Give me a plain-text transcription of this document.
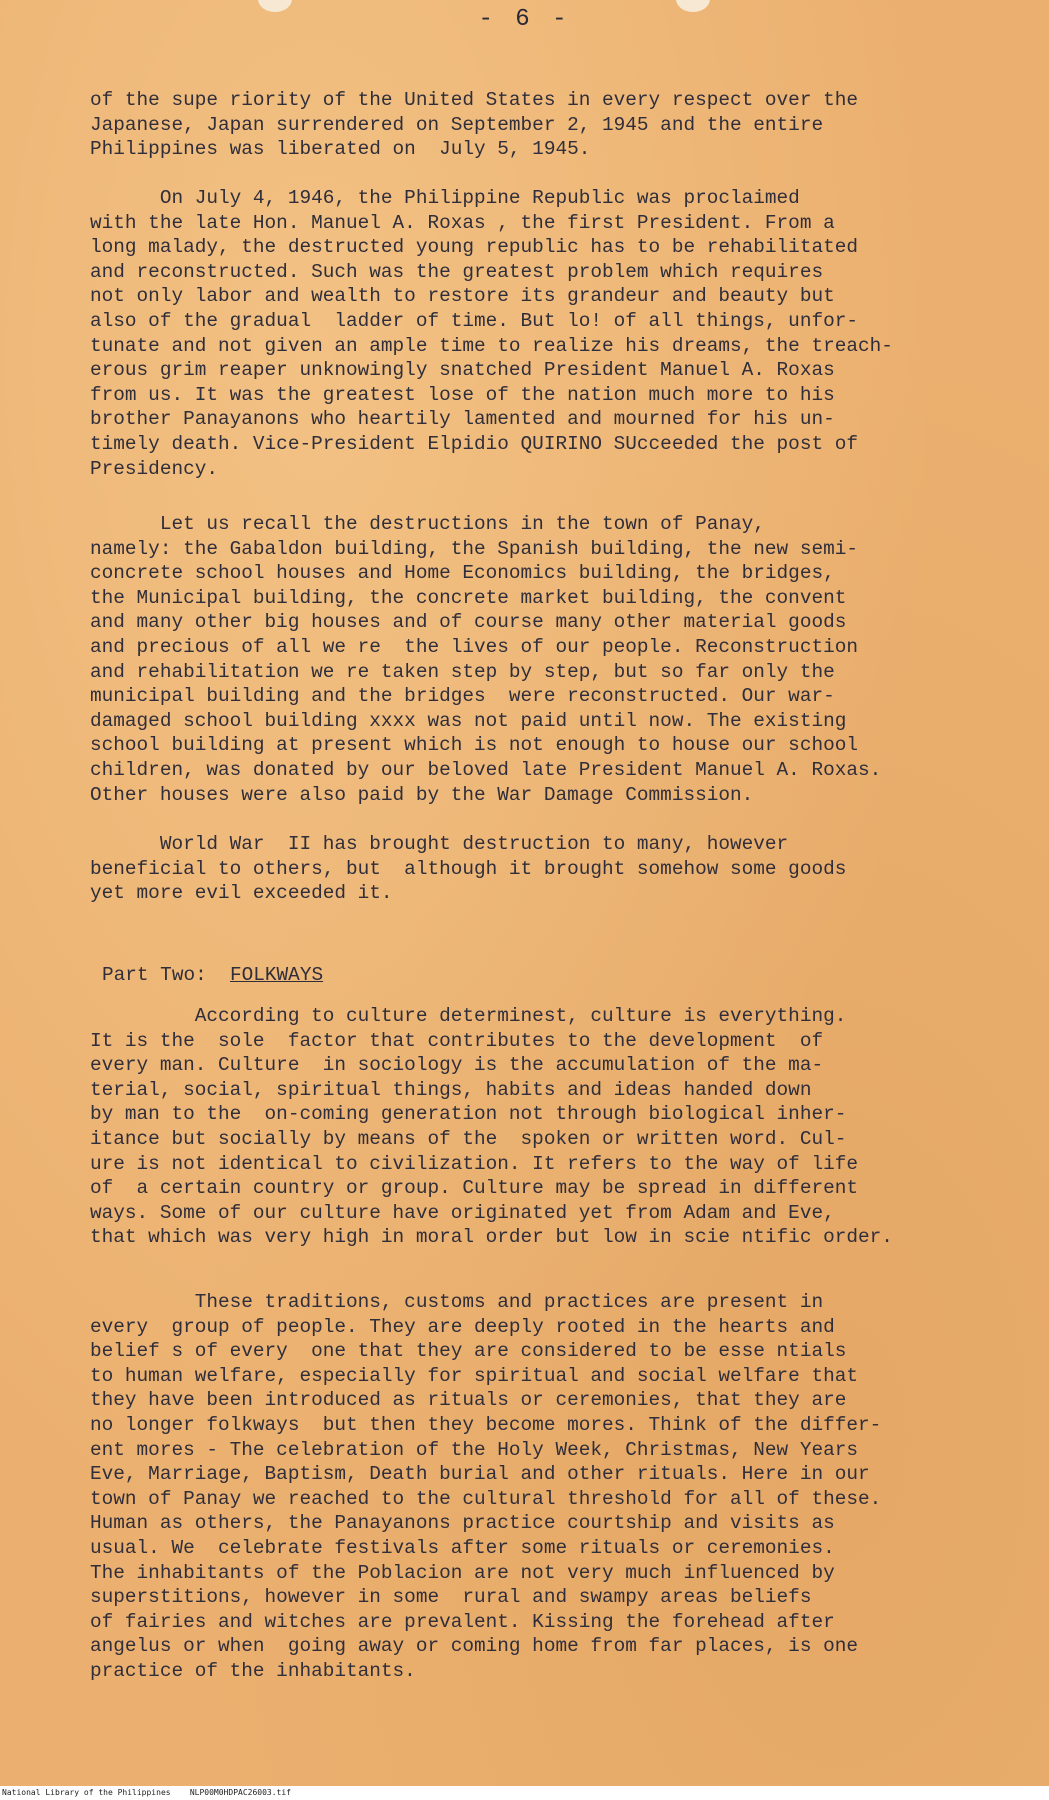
- 6 -
of the supe riority of the United States in every respect over the
Japanese, Japan surrendered on September 2, 1945 and the entire
Philippines was liberated on  July 5, 1945.
On July 4, 1946, the Philippine Republic was proclaimed
with the late Hon. Manuel A. Roxas , the first President. From a
long malady, the destructed young republic has to be rehabilitated
and reconstructed. Such was the greatest problem which requires
not only labor and wealth to restore its grandeur and beauty but
also of the gradual  ladder of time. But lo! of all things, unfor-
tunate and not given an ample time to realize his dreams, the treach-
erous grim reaper unknowingly snatched President Manuel A. Roxas
from us. It was the greatest lose of the nation much more to his
brother Panayanons who heartily lamented and mourned for his un-
timely death. Vice-President Elpidio QUIRINO SUcceeded the post of
Presidency.
Let us recall the destructions in the town of Panay,
namely: the Gabaldon building, the Spanish building, the new semi-
concrete school houses and Home Economics building, the bridges,
the Municipal building, the concrete market building, the convent
and many other big houses and of course many other material goods
and precious of all we re  the lives of our people. Reconstruction
and rehabilitation we re taken step by step, but so far only the
municipal building and the bridges  were reconstructed. Our war-
damaged school building xxxx was not paid until now. The existing
school building at present which is not enough to house our school
children, was donated by our beloved late President Manuel A. Roxas.
Other houses were also paid by the War Damage Commission.
World War  II has brought destruction to many, however
beneficial to others, but  although it brought somehow some goods
yet more evil exceeded it.
Part Two:  FOLKWAYS
According to culture determinest, culture is everything.
It is the  sole  factor that contributes to the development  of
every man. Culture  in sociology is the accumulation of the ma-
terial, social, spiritual things, habits and ideas handed down
by man to the  on-coming generation not through biological inher-
itance but socially by means of the  spoken or written word. Cul-
ure is not identical to civilization. It refers to the way of life
of  a certain country or group. Culture may be spread in different
ways. Some of our culture have originated yet from Adam and Eve,
that which was very high in moral order but low in scie ntific order.
These traditions, customs and practices are present in
every  group of people. They are deeply rooted in the hearts and
belief s of every  one that they are considered to be esse ntials
to human welfare, especially for spiritual and social welfare that
they have been introduced as rituals or ceremonies, that they are
no longer folkways  but then they become mores. Think of the differ-
ent mores - The celebration of the Holy Week, Christmas, New Years
Eve, Marriage, Baptism, Death burial and other rituals. Here in our
town of Panay we reached to the cultural threshold for all of these.
Human as others, the Panayanons practice courtship and visits as
usual. We  celebrate festivals after some rituals or ceremonies.
The inhabitants of the Poblacion are not very much influenced by
superstitions, however in some  rural and swampy areas beliefs
of fairies and witches are prevalent. Kissing the forehead after
angelus or when  going away or coming home from far places, is one
practice of the inhabitants.
National Library of the Philippines    NLP00M0HDPAC26003.tif
